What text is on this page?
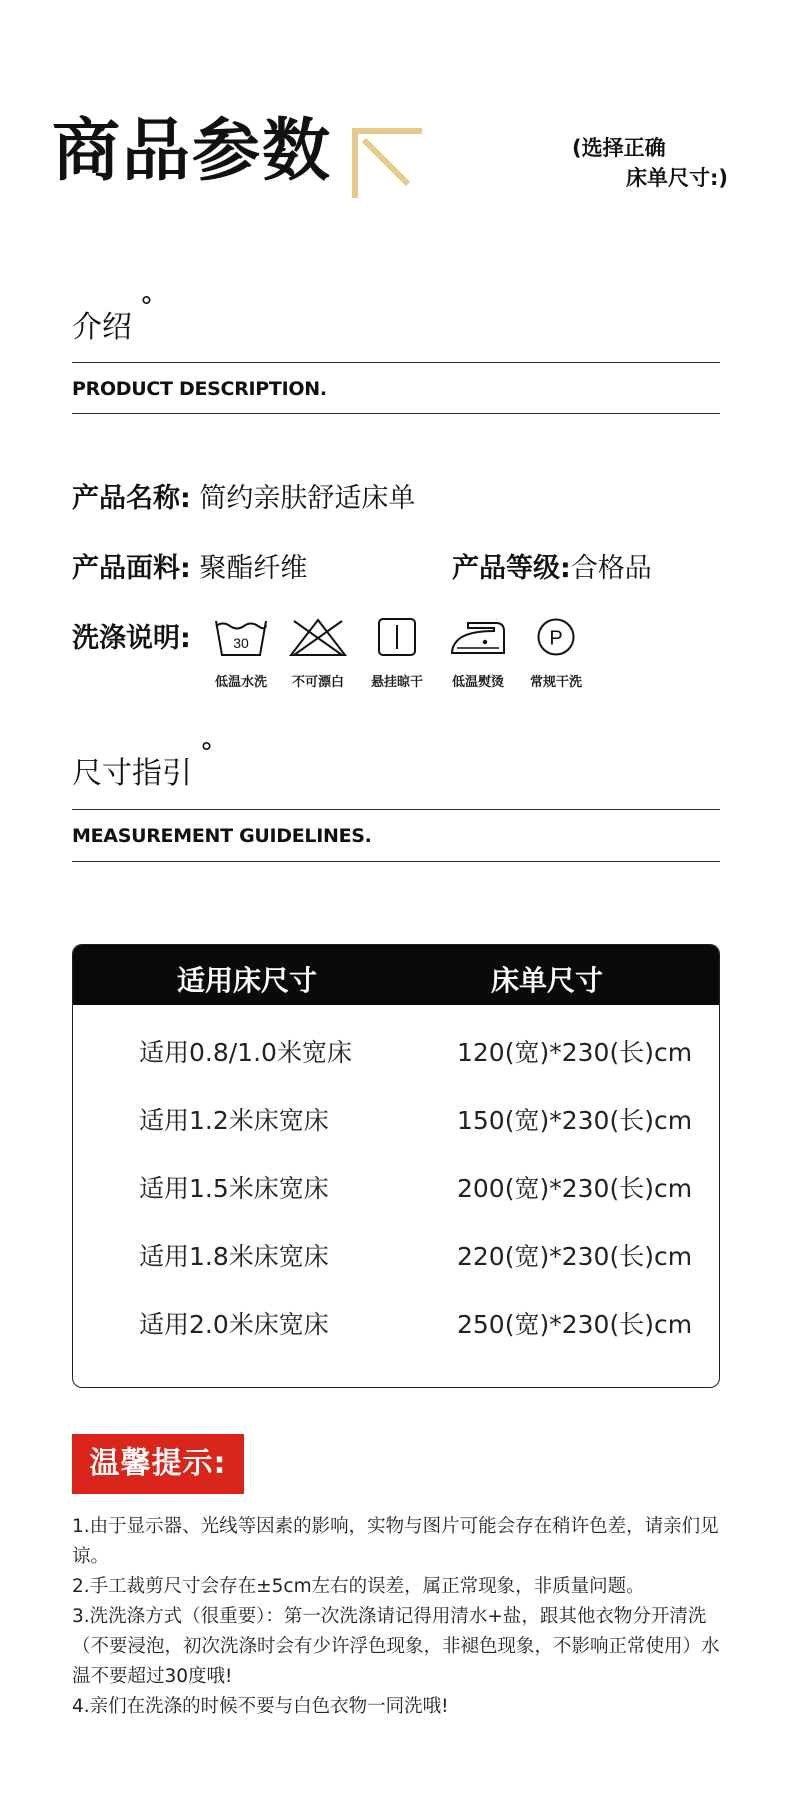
商品参数	(选择正确
床单尺寸:)
介绍°
PRODUCT DESCRIPTION.
产品名称: 简约亲肤舒适床单
产品面料: 聚酯纤维	产品等级:合格品
洗涤说明:	30
低温水洗	不可漂白	悬挂晾干	低温熨烫
P
常规干洗
尺寸指引°
MEASUREMENT GUIDELINES.
适用床尺寸	床单尺寸
适用0.8/1.0米宽床	120(宽)*230(长)cm
适用1.2米床宽床	150(宽)*230(长)cm
适用1.5米床宽床	200(宽)*230(长)cm
适用1.8米床宽床	220(宽)*230(长)cm
适用2.0米床宽床	250(宽)*230(长)cm
温馨提示:

1.由于显示器、光线等因素的影响，实物与图片可能会存在稍许色差，请亲们见谅。

2.手工裁剪尺寸会存在±5cm左右的误差，属正常现象，非质量问题。

3.洗洗涤方式（很重要）：第一次洗涤请记得用清水+盐，跟其他衣物分开清洗（不要浸泡，初次洗涤时会有少许浮色现象，非褪色现象，不影响正常使用）水温不要超过30度哦!

4.亲们在洗涤的时候不要与白色衣物一同洗哦!
